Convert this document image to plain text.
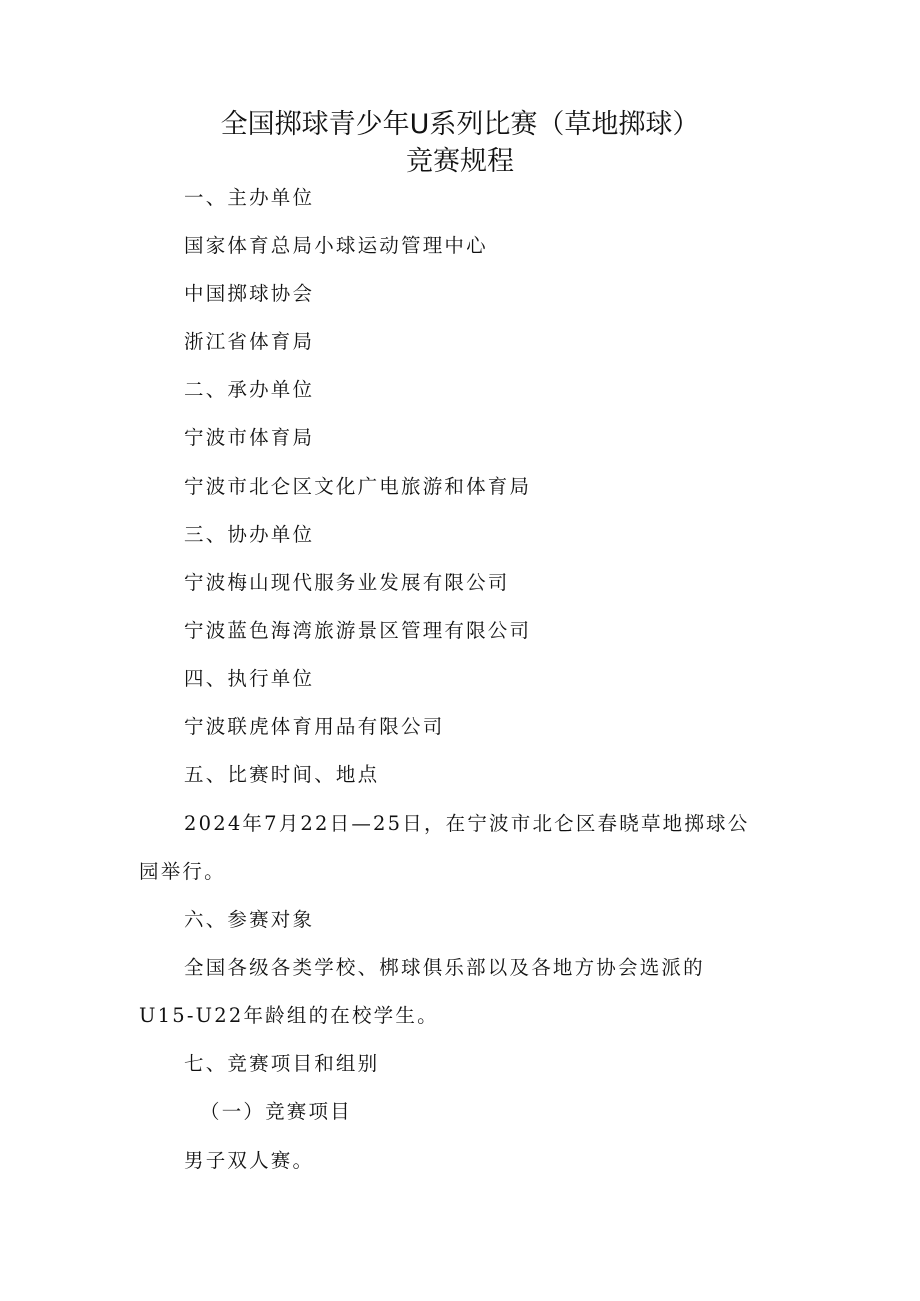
全国掷球青少年U系列比赛（草地掷球）
竞赛规程
一、主办单位
国家体育总局小球运动管理中心
中国掷球协会
浙江省体育局
二、承办单位
宁波市体育局
宁波市北仑区文化广电旅游和体育局
三、协办单位
宁波梅山现代服务业发展有限公司
宁波蓝色海湾旅游景区管理有限公司
四、执行单位
宁波联虎体育用品有限公司
五、比赛时间、地点
2024年7月22日—25日，在宁波市北仑区春晓草地掷球公
园举行。
六、参赛对象
全国各级各类学校、梆球俱乐部以及各地方协会选派的
U15-U22年龄组的在校学生。
七、竞赛项目和组别
（一）竞赛项目
男子双人赛。
